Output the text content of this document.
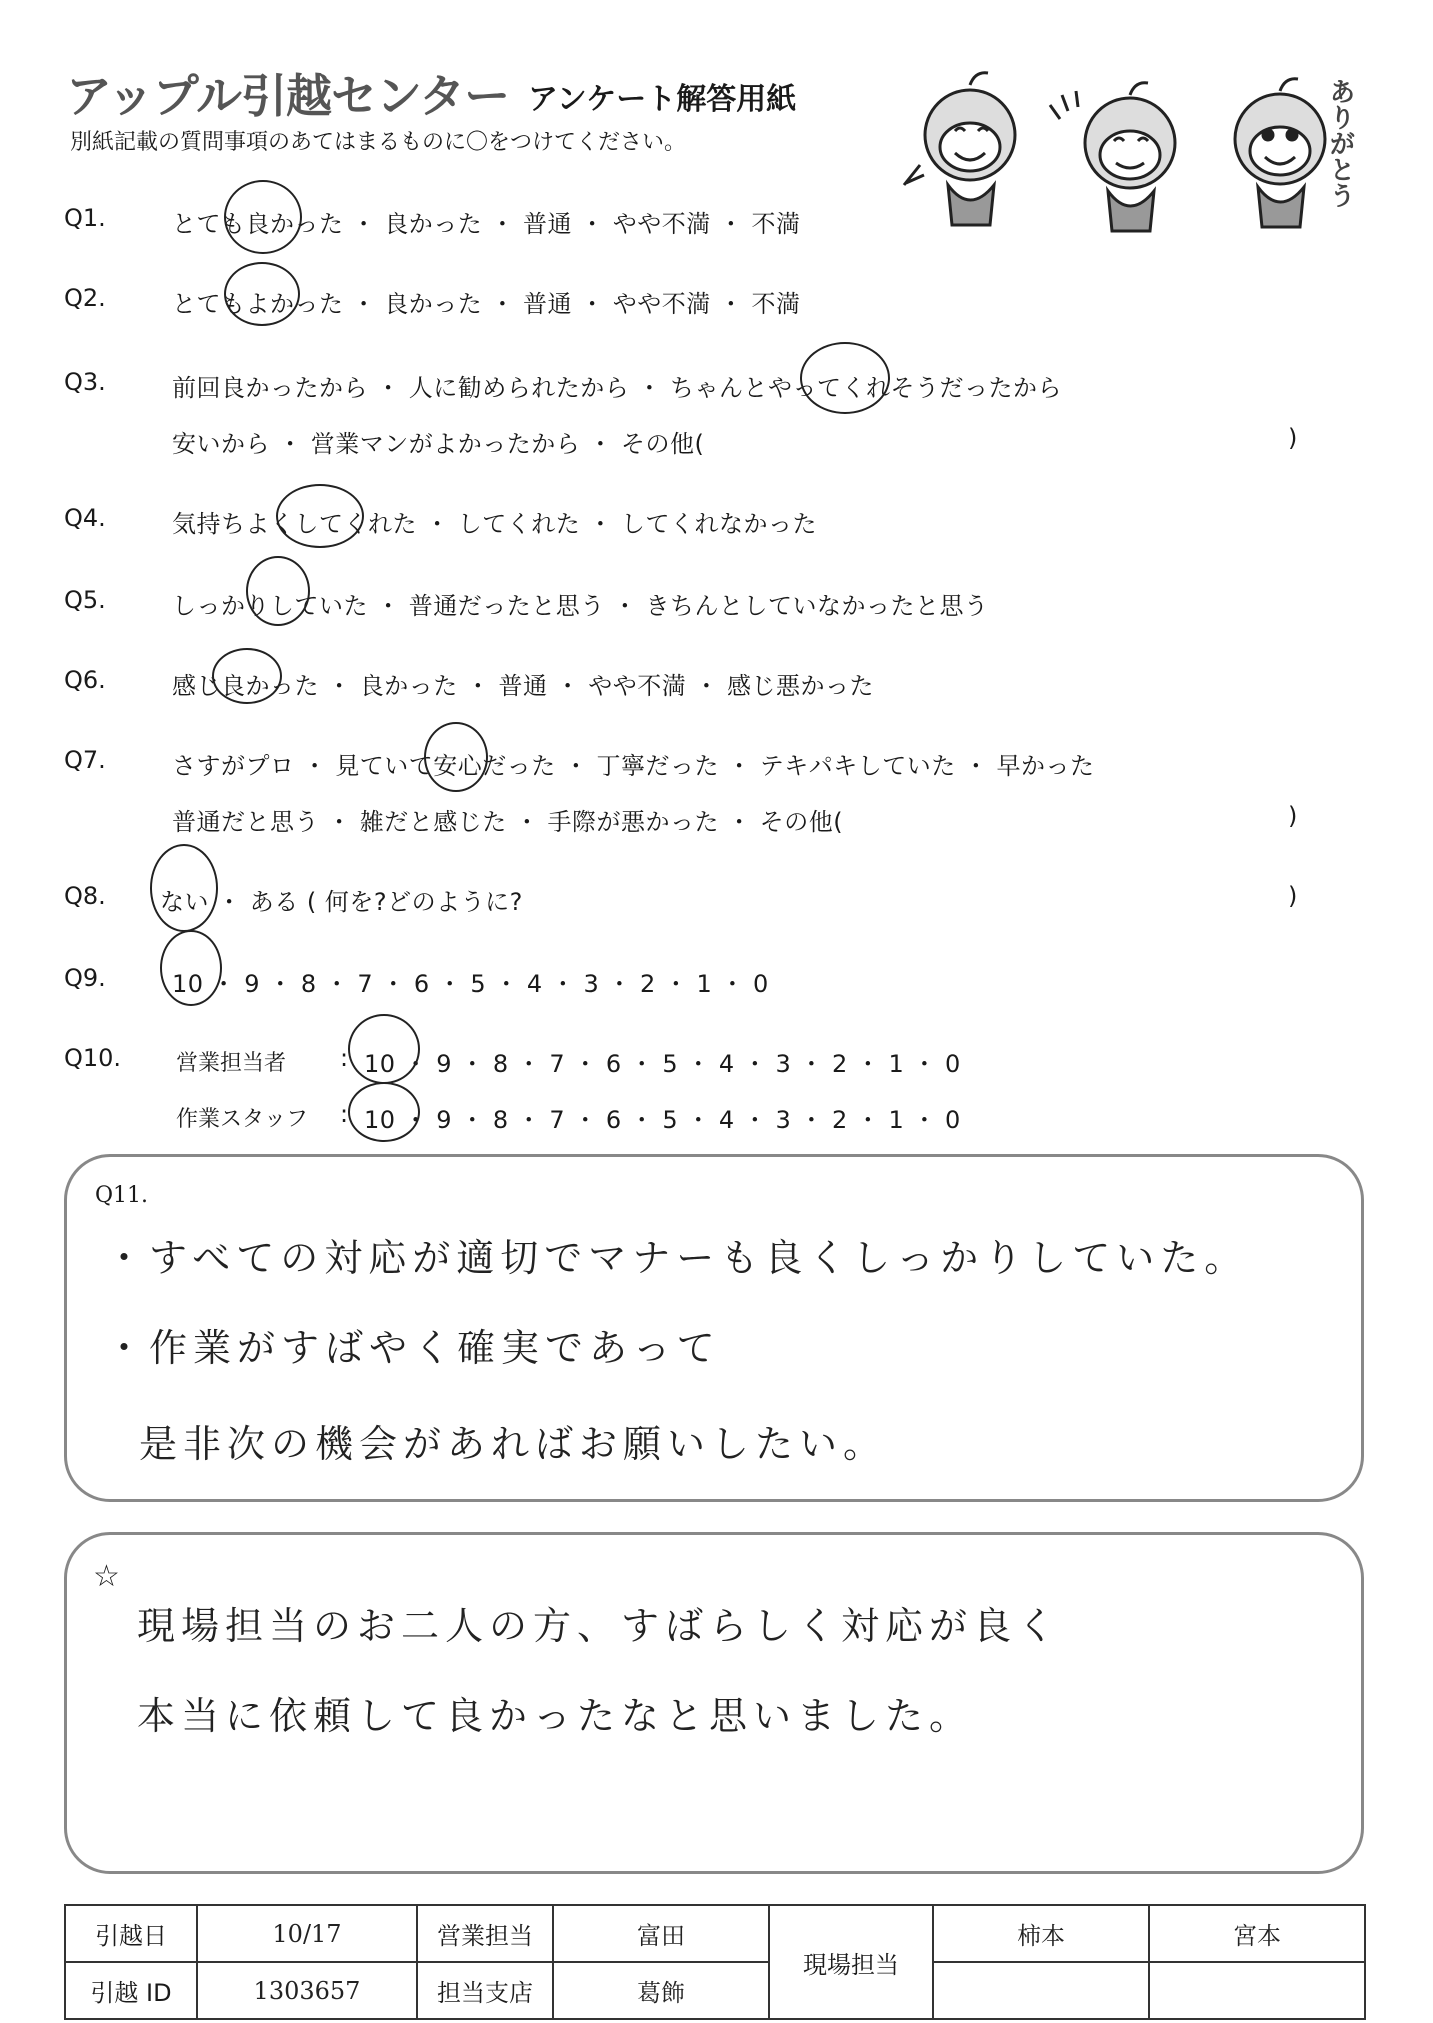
アップル引越センター アンケート解答用紙
別紙記載の質問事項のあてはまるものに〇をつけてください。	ありがとう
Q1.	とても良かった ・ 良かった ・ 普通 ・ やや不満 ・ 不満
Q2.	とてもよかった ・ 良かった ・ 普通 ・ やや不満 ・ 不満
Q3.	前回良かったから ・ 人に勧められたから ・ ちゃんとやってくれそうだったから
安いから ・ 営業マンがよかったから ・ その他(	)
Q4.	気持ちよくしてくれた ・ してくれた ・ してくれなかった
Q5.	しっかりしていた ・ 普通だったと思う ・ きちんとしていなかったと思う
Q6.	感じ良かった ・ 良かった ・ 普通 ・ やや不満 ・ 感じ悪かった
Q7.	さすがプロ ・ 見ていて安心だった ・ 丁寧だった ・ テキパキしていた ・ 早かった
普通だと思う ・ 雑だと感じた ・ 手際が悪かった ・ その他(	)
Q8. ない ・ ある ( 何を?どのように?	)
Q9.	10 ・ 9 ・ 8 ・ 7 ・ 6 ・ 5 ・ 4 ・ 3 ・ 2 ・ 1 ・ 0
Q10. 営業担当者 : 10 ・ 9 ・ 8 ・ 7 ・ 6 ・ 5 ・ 4 ・ 3 ・ 2 ・ 1 ・ 0
作業スタッフ : 10 ・ 9 ・ 8 ・ 7 ・ 6 ・ 5 ・ 4 ・ 3 ・ 2 ・ 1 ・ 0
Q11.
・すべての対応が適切でマナーも良くしっかりしていた。
・作業がすばやく確実であって
是非次の機会があればお願いしたい。
☆
現場担当のお二人の方、すばらしく対応が良く
本当に依頼して良かったなと思いました。
引越日	10/17	営業担当	富田	現場担当	柿本	宮本
引越 ID	1303657	担当支店	葛飾			
